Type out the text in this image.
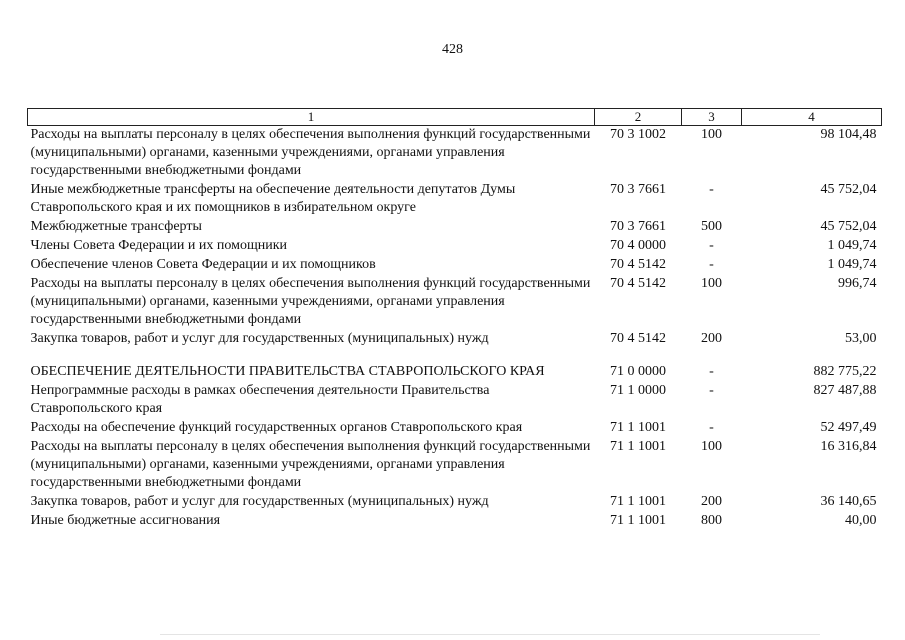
428
1	2	3	4
Расходы на выплаты персоналу в целях обеспечения выполнения функций государственными (муниципальными) органами, казенными учреждениями, органами управления государственными внебюджетными фондами	70 3 1002	100	98 104,48
Иные межбюджетные трансферты на обеспечение деятельности депутатов Думы Ставропольского края и их помощников в избирательном округе	70 3 7661	-	45 752,04
Межбюджетные трансферты	70 3 7661	500	45 752,04
Члены Совета Федерации и их помощники	70 4 0000	-	1 049,74
Обеспечение членов Совета Федерации и их помощников	70 4 5142	-	1 049,74
Расходы на выплаты персоналу в целях обеспечения выполнения функций государственными (муниципальными) органами, казенными учреждениями, органами управления государственными внебюджетными фондами	70 4 5142	100	996,74
Закупка товаров, работ и услуг для государственных (муниципальных) нужд	70 4 5142	200	53,00

ОБЕСПЕЧЕНИЕ ДЕЯТЕЛЬНОСТИ ПРАВИТЕЛЬСТВА СТАВРОПОЛЬСКОГО КРАЯ	71 0 0000	-	882 775,22
Непрограммные расходы в рамках обеспечения деятельности Правительства Ставропольского края	71 1 0000	-	827 487,88
Расходы на обеспечение функций государственных органов Ставропольского края	71 1 1001	-	52 497,49
Расходы на выплаты персоналу в целях обеспечения выполнения функций государственными (муниципальными) органами, казенными учреждениями, органами управления государственными внебюджетными фондами	71 1 1001	100	16 316,84
Закупка товаров, работ и услуг для государственных (муниципальных) нужд	71 1 1001	200	36 140,65
Иные бюджетные ассигнования	71 1 1001	800	40,00
